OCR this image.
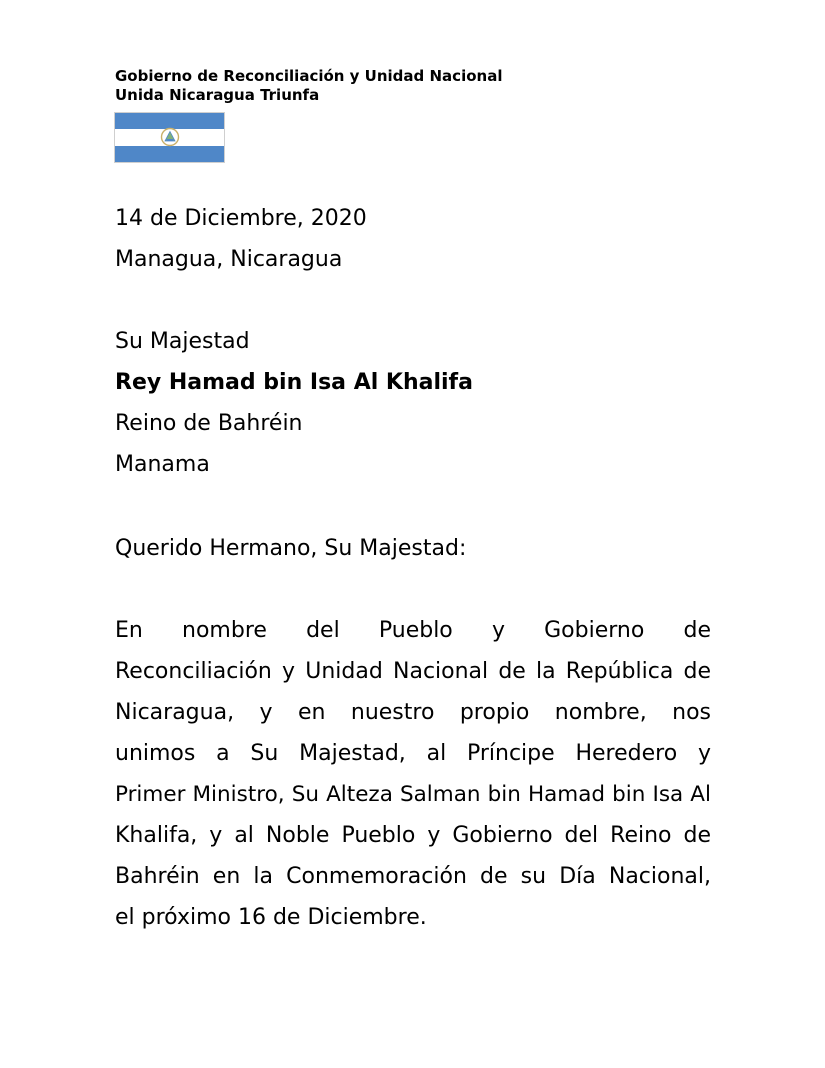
Gobierno de Reconciliación y Unidad Nacional
Unida Nicaragua Triunfa
14 de Diciembre, 2020
Managua, Nicaragua
Su Majestad
Rey Hamad bin Isa Al Khalifa
Reino de Bahréin
Manama
Querido Hermano, Su Majestad:
En nombre del Pueblo y Gobierno de
Reconciliación y Unidad Nacional de la República de
Nicaragua, y en nuestro propio nombre, nos
unimos a Su Majestad, al Príncipe Heredero y
Primer Ministro, Su Alteza Salman bin Hamad bin Isa Al
Khalifa, y al Noble Pueblo y Gobierno del Reino de
Bahréin en la Conmemoración de su Día Nacional,
el próximo 16 de Diciembre.
